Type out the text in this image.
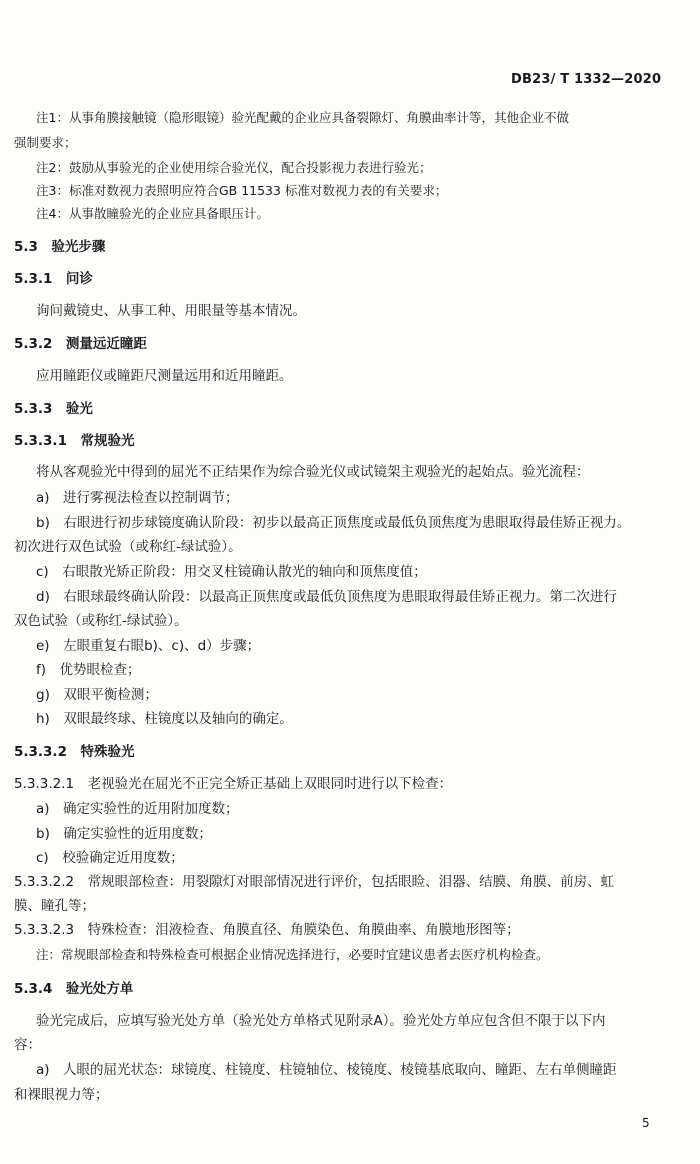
DB23/ T 1332—2020
注1：从事角膜接触镜（隐形眼镜）验光配戴的企业应具备裂隙灯、角膜曲率计等，其他企业不做
强制要求；
注2：鼓励从事验光的企业使用综合验光仪，配合投影视力表进行验光；
注3：标准对数视力表照明应符合GB 11533 标准对数视力表的有关要求；
注4：从事散瞳验光的企业应具备眼压计。
5.3　验光步骤
5.3.1　问诊
询问戴镜史、从事工种、用眼量等基本情况。
5.3.2　测量远近瞳距
应用瞳距仪或瞳距尺测量远用和近用瞳距。
5.3.3　验光
5.3.3.1　常规验光
将从客观验光中得到的屈光不正结果作为综合验光仪或试镜架主观验光的起始点。验光流程：
a)　进行雾视法检查以控制调节；
b)　右眼进行初步球镜度确认阶段：初步以最高正顶焦度或最低负顶焦度为患眼取得最佳矫正视力。
初次进行双色试验（或称红-绿试验）。
c)　右眼散光矫正阶段：用交叉柱镜确认散光的轴向和顶焦度值；
d)　右眼球最终确认阶段：以最高正顶焦度或最低负顶焦度为患眼取得最佳矫正视力。第二次进行
双色试验（或称红-绿试验）。
e)　左眼重复右眼b)、c)、d）步骤；
f)　优势眼检查；
g)　双眼平衡检测；
h)　双眼最终球、柱镜度以及轴向的确定。
5.3.3.2　特殊验光
5.3.3.2.1　老视验光在屈光不正完全矫正基础上双眼同时进行以下检查：
a)　确定实验性的近用附加度数；
b)　确定实验性的近用度数；
c)　校验确定近用度数；
5.3.3.2.2　常规眼部检查：用裂隙灯对眼部情况进行评价，包括眼睑、泪器、结膜、角膜、前房、虹
膜、瞳孔等；
5.3.3.2.3　特殊检查：泪液检查、角膜直径、角膜染色、角膜曲率、角膜地形图等；
注：常规眼部检查和特殊检查可根据企业情况选择进行，必要时宜建议患者去医疗机构检查。
5.3.4　验光处方单
验光完成后，应填写验光处方单（验光处方单格式见附录A）。验光处方单应包含但不限于以下内
容：
a)　人眼的屈光状态：球镜度、柱镜度、柱镜轴位、棱镜度、棱镜基底取向、瞳距、左右单侧瞳距
和裸眼视力等；
5
